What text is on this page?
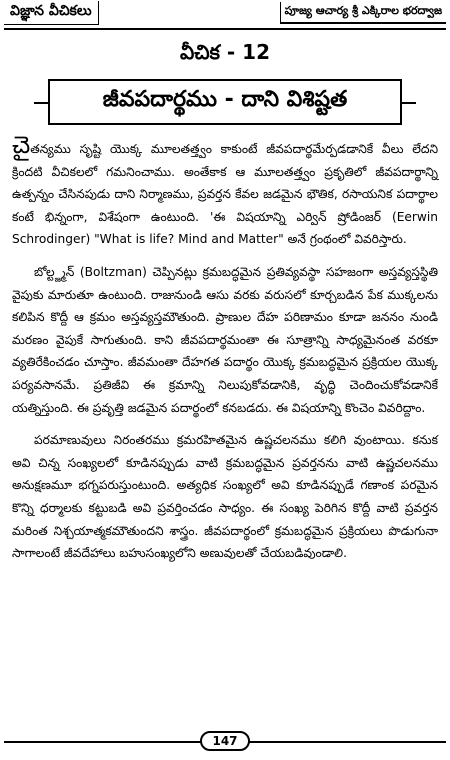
విజ్ఞాన వీచికలు	పూజ్య ఆచార్య శ్రీ ఎక్కిరాల భరద్వాజ
వీచిక - 12
జీవపదార్థము - దాని విశిష్టత

చైతన్యము సృష్టి యొక్క మూలతత్త్వం కాకుంటే జీవపదార్థమేర్పడడానికే వీలు లేదని క్రిందటి వీచికలలో గమనించాము. అంతేకాక ఆ మూలతత్త్వం ప్రకృతిలో జీవపదార్థాన్ని ఉత్పన్నం చేసినపుడు దాని నిర్మాణము, ప్రవర్తన కేవల జడమైన భౌతిక, రసాయనిక పదార్థాల కంటే భిన్నంగా, విశేషంగా ఉంటుంది. 'ఈ విషయాన్ని ఎర్విన్ ష్రోడింజర్ (Eerwin Schrodinger) "What is life? Mind and Matter" అనే గ్రంథంలో వివరిస్తారు.

బోల్ట్జ్మన్ (Boltzman) చెప్పినట్లు క్రమబద్ధమైన ప్రతివ్యవస్థా సహజంగా అస్తవ్యస్తస్థితి వైపుకు మారుతూ ఉంటుంది. రాజునుండి ఆసు వరకు వరుసలో కూర్చబడిన పేక ముక్కలను కలిపిన కొద్దీ ఆ క్రమం అస్తవ్యస్తమౌతుంది. ప్రాణుల దేహ పరిణామం కూడా జననం నుండి మరణం వైపుకే సాగుతుంది. కాని జీవపదార్థమంతా ఈ సూత్రాన్ని సాధ్యమైనంత వరకూ వ్యతిరేకించడం చూస్తాం. జీవమంతా దేహగత పదార్థం యొక్క క్రమబద్ధమైన ప్రక్రియల యొక్క పర్యవసానమే. ప్రతిజీవి ఈ క్రమాన్ని నిలుపుకోవడానికి, వృద్ధి చెందించుకోవడానికే యత్నిస్తుంది. ఈ ప్రవృత్తి జడమైన పదార్థంలో కనబడదు. ఈ విషయాన్ని కొంచెం వివరిద్దాం.

పరమాణువులు నిరంతరము క్రమరహితమైన ఉష్ణచలనము కలిగి వుంటాయి. కనుక అవి చిన్న సంఖ్యలలో కూడినప్పుడు వాటి క్రమబద్ధమైన ప్రవర్తనను వాటి ఉష్ణచలనము అనుక్షణమూ భగ్నపరుస్తుంటుంది. అత్యధిక సంఖ్యలో అవి కూడినప్పుడే గణాంక పరమైన కొన్ని ధర్మాలకు కట్టుబడి అవి ప్రవర్తించడం సాధ్యం. ఈ సంఖ్య పెరిగిన కొద్దీ వాటి ప్రవర్తన మరింత నిశ్చయాత్మకమౌతుందని శాస్త్రం. జీవపదార్థంలో క్రమబద్ధమైన ప్రక్రియలు పొడుగునా సాగాలంటే జీవదేహాలు బహుసంఖ్యలోని అణువులతో చేయబడివుండాలి.

147
